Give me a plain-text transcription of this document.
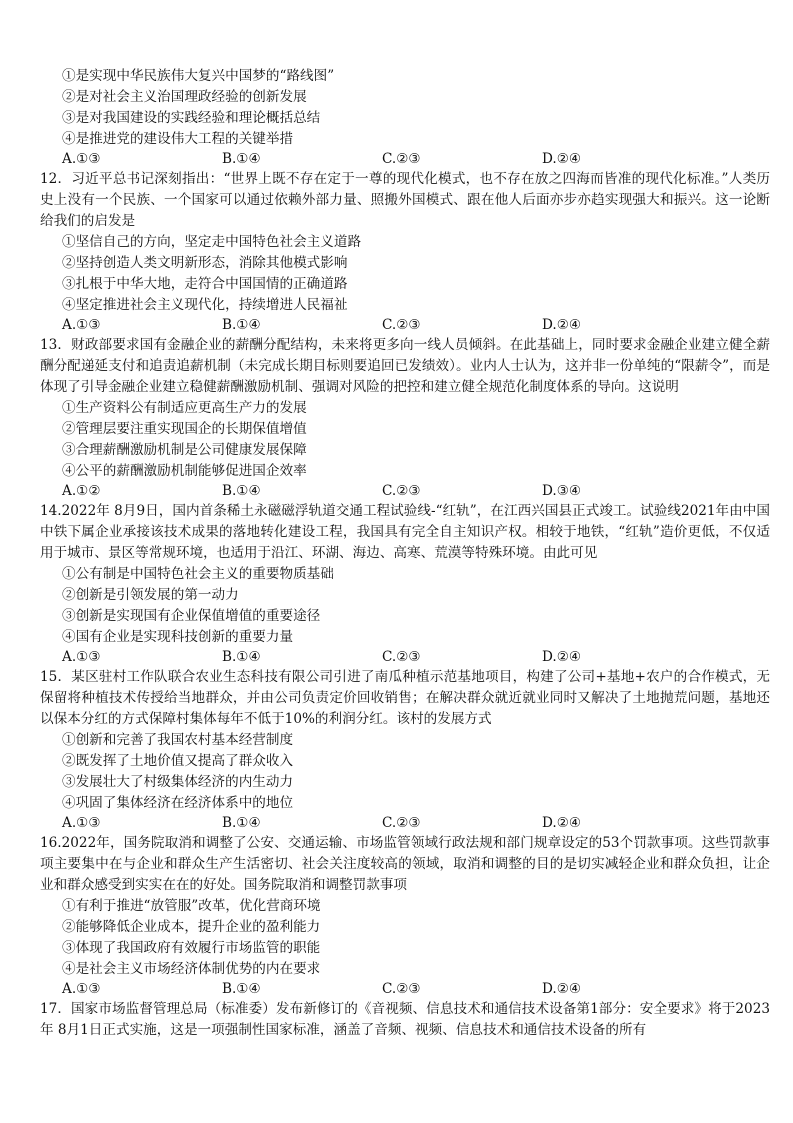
①是实现中华民族伟大复兴中国梦的“路线图”
②是对社会主义治国理政经验的创新发展
③是对我国建设的实践经验和理论概括总结
④是推进党的建设伟大工程的关键举措
A.①③	B.①④	C.②③	D.②④
12．习近平总书记深刻指出：“世界上既不存在定于一尊的现代化模式，也不存在放之四海而皆准的现代化标准。”人类历史上没有一个民族、一个国家可以通过依赖外部力量、照搬外国模式、跟在他人后面亦步亦趋实现强大和振兴。这一论断给我们的启发是
①坚信自己的方向，坚定走中国特色社会主义道路
②坚持创造人类文明新形态，消除其他模式影响
③扎根于中华大地，走符合中国国情的正确道路
④坚定推进社会主义现代化，持续增进人民福祉
A.①③	B.①④	C.②③	D.②④
13．财政部要求国有金融企业的薪酬分配结构，未来将更多向一线人员倾斜。在此基础上，同时要求金融企业建立健全薪酬分配递延支付和追责追薪机制（未完成长期目标则要追回已发绩效）。业内人士认为，这并非一份单纯的“限薪令”，而是体现了引导金融企业建立稳健薪酬激励机制、强调对风险的把控和建立健全规范化制度体系的导向。这说明
①生产资料公有制适应更高生产力的发展
②管理层要注重实现国企的长期保值增值
③合理薪酬激励机制是公司健康发展保障
④公平的薪酬激励机制能够促进国企效率
A.①②	B.①④	C.②③	D.③④
14.2022年 8月9日，国内首条稀土永磁磁浮轨道交通工程试验线-“红轨”，在江西兴国县正式竣工。试验线2021年由中国中铁下属企业承接该技术成果的落地转化建设工程，我国具有完全自主知识产权。相较于地铁，“红轨”造价更低，不仅适用于城市、景区等常规环境，也适用于沿江、环湖、海边、高寒、荒漠等特殊环境。由此可见
①公有制是中国特色社会主义的重要物质基础
②创新是引领发展的第一动力
③创新是实现国有企业保值增值的重要途径
④国有企业是实现科技创新的重要力量
A.①③	B.①④	C.②③	D.②④
15．某区驻村工作队联合农业生态科技有限公司引进了南瓜种植示范基地项目，构建了公司+基地+农户的合作模式，无保留将种植技术传授给当地群众，并由公司负责定价回收销售；在解决群众就近就业同时又解决了土地抛荒问题，基地还以保本分红的方式保障村集体每年不低于10%的利润分红。该村的发展方式
①创新和完善了我国农村基本经营制度
②既发挥了土地价值又提高了群众收入
③发展壮大了村级集体经济的内生动力
④巩固了集体经济在经济体系中的地位
A.①③	B.①④	C.②③	D.②④
16.2022年，国务院取消和调整了公安、交通运输、市场监管领域行政法规和部门规章设定的53个罚款事项。这些罚款事项主要集中在与企业和群众生产生活密切、社会关注度较高的领域，取消和调整的目的是切实减轻企业和群众负担，让企业和群众感受到实实在在的好处。国务院取消和调整罚款事项
①有利于推进“放管服”改革，优化营商环境
②能够降低企业成本，提升企业的盈利能力
③体现了我国政府有效履行市场监管的职能
④是社会主义市场经济体制优势的内在要求
A.①③	B.①④	C.②③	D.②④
17．国家市场监督管理总局（标准委）发布新修订的《音视频、信息技术和通信技术设备第1部分：安全要求》将于2023年 8月1日正式实施，这是一项强制性国家标准，涵盖了音频、视频、信息技术和通信技术设备的所有
